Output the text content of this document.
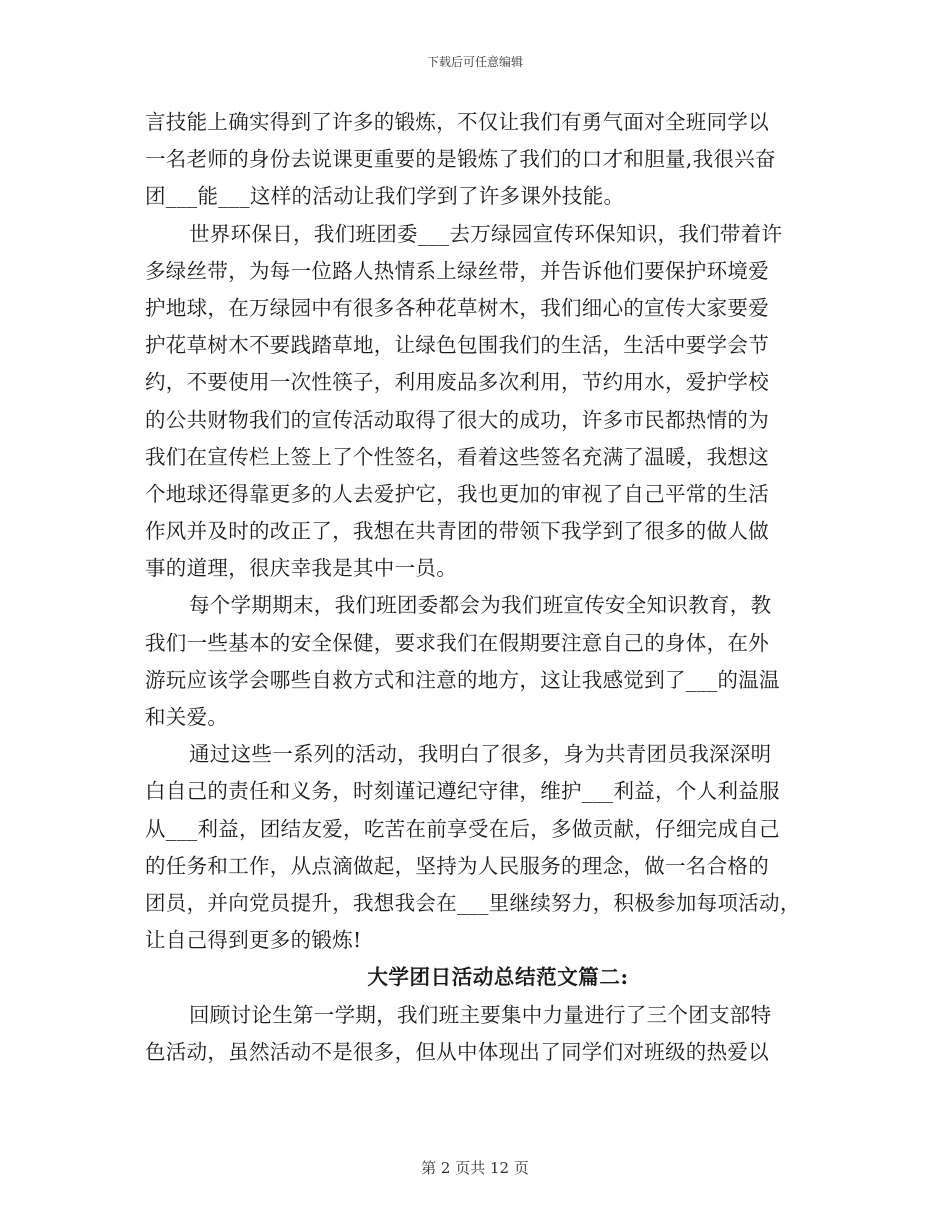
下载后可任意编辑
言技能上确实得到了许多的锻炼，不仅让我们有勇气面对全班同学以
一名老师的身份去说课更重要的是锻炼了我们的口才和胆量,我很兴奋
团___能___这样的活动让我们学到了许多课外技能。
世界环保日，我们班团委___去万绿园宣传环保知识，我们带着许
多绿丝带，为每一位路人热情系上绿丝带，并告诉他们要保护环境爱
护地球，在万绿园中有很多各种花草树木，我们细心的宣传大家要爱
护花草树木不要践踏草地，让绿色包围我们的生活，生活中要学会节
约，不要使用一次性筷子，利用废品多次利用，节约用水，爱护学校
的公共财物我们的宣传活动取得了很大的成功，许多市民都热情的为
我们在宣传栏上签上了个性签名，看着这些签名充满了温暖，我想这
个地球还得靠更多的人去爱护它，我也更加的审视了自己平常的生活
作风并及时的改正了，我想在共青团的带领下我学到了很多的做人做
事的道理，很庆幸我是其中一员。
每个学期期末，我们班团委都会为我们班宣传安全知识教育，教
我们一些基本的安全保健，要求我们在假期要注意自己的身体，在外
游玩应该学会哪些自救方式和注意的地方，这让我感觉到了___的温温
和关爱。
通过这些一系列的活动，我明白了很多，身为共青团员我深深明
白自己的责任和义务，时刻谨记遵纪守律，维护___利益，个人利益服
从___利益，团结友爱，吃苦在前享受在后，多做贡献，仔细完成自己
的任务和工作，从点滴做起，坚持为人民服务的理念，做一名合格的
团员，并向党员提升，我想我会在___里继续努力，积极参加每项活动，
让自己得到更多的锻炼!
大学团日活动总结范文篇二:
回顾讨论生第一学期，我们班主要集中力量进行了三个团支部特
色活动，虽然活动不是很多，但从中体现出了同学们对班级的热爱以
第 2 页共 12 页
